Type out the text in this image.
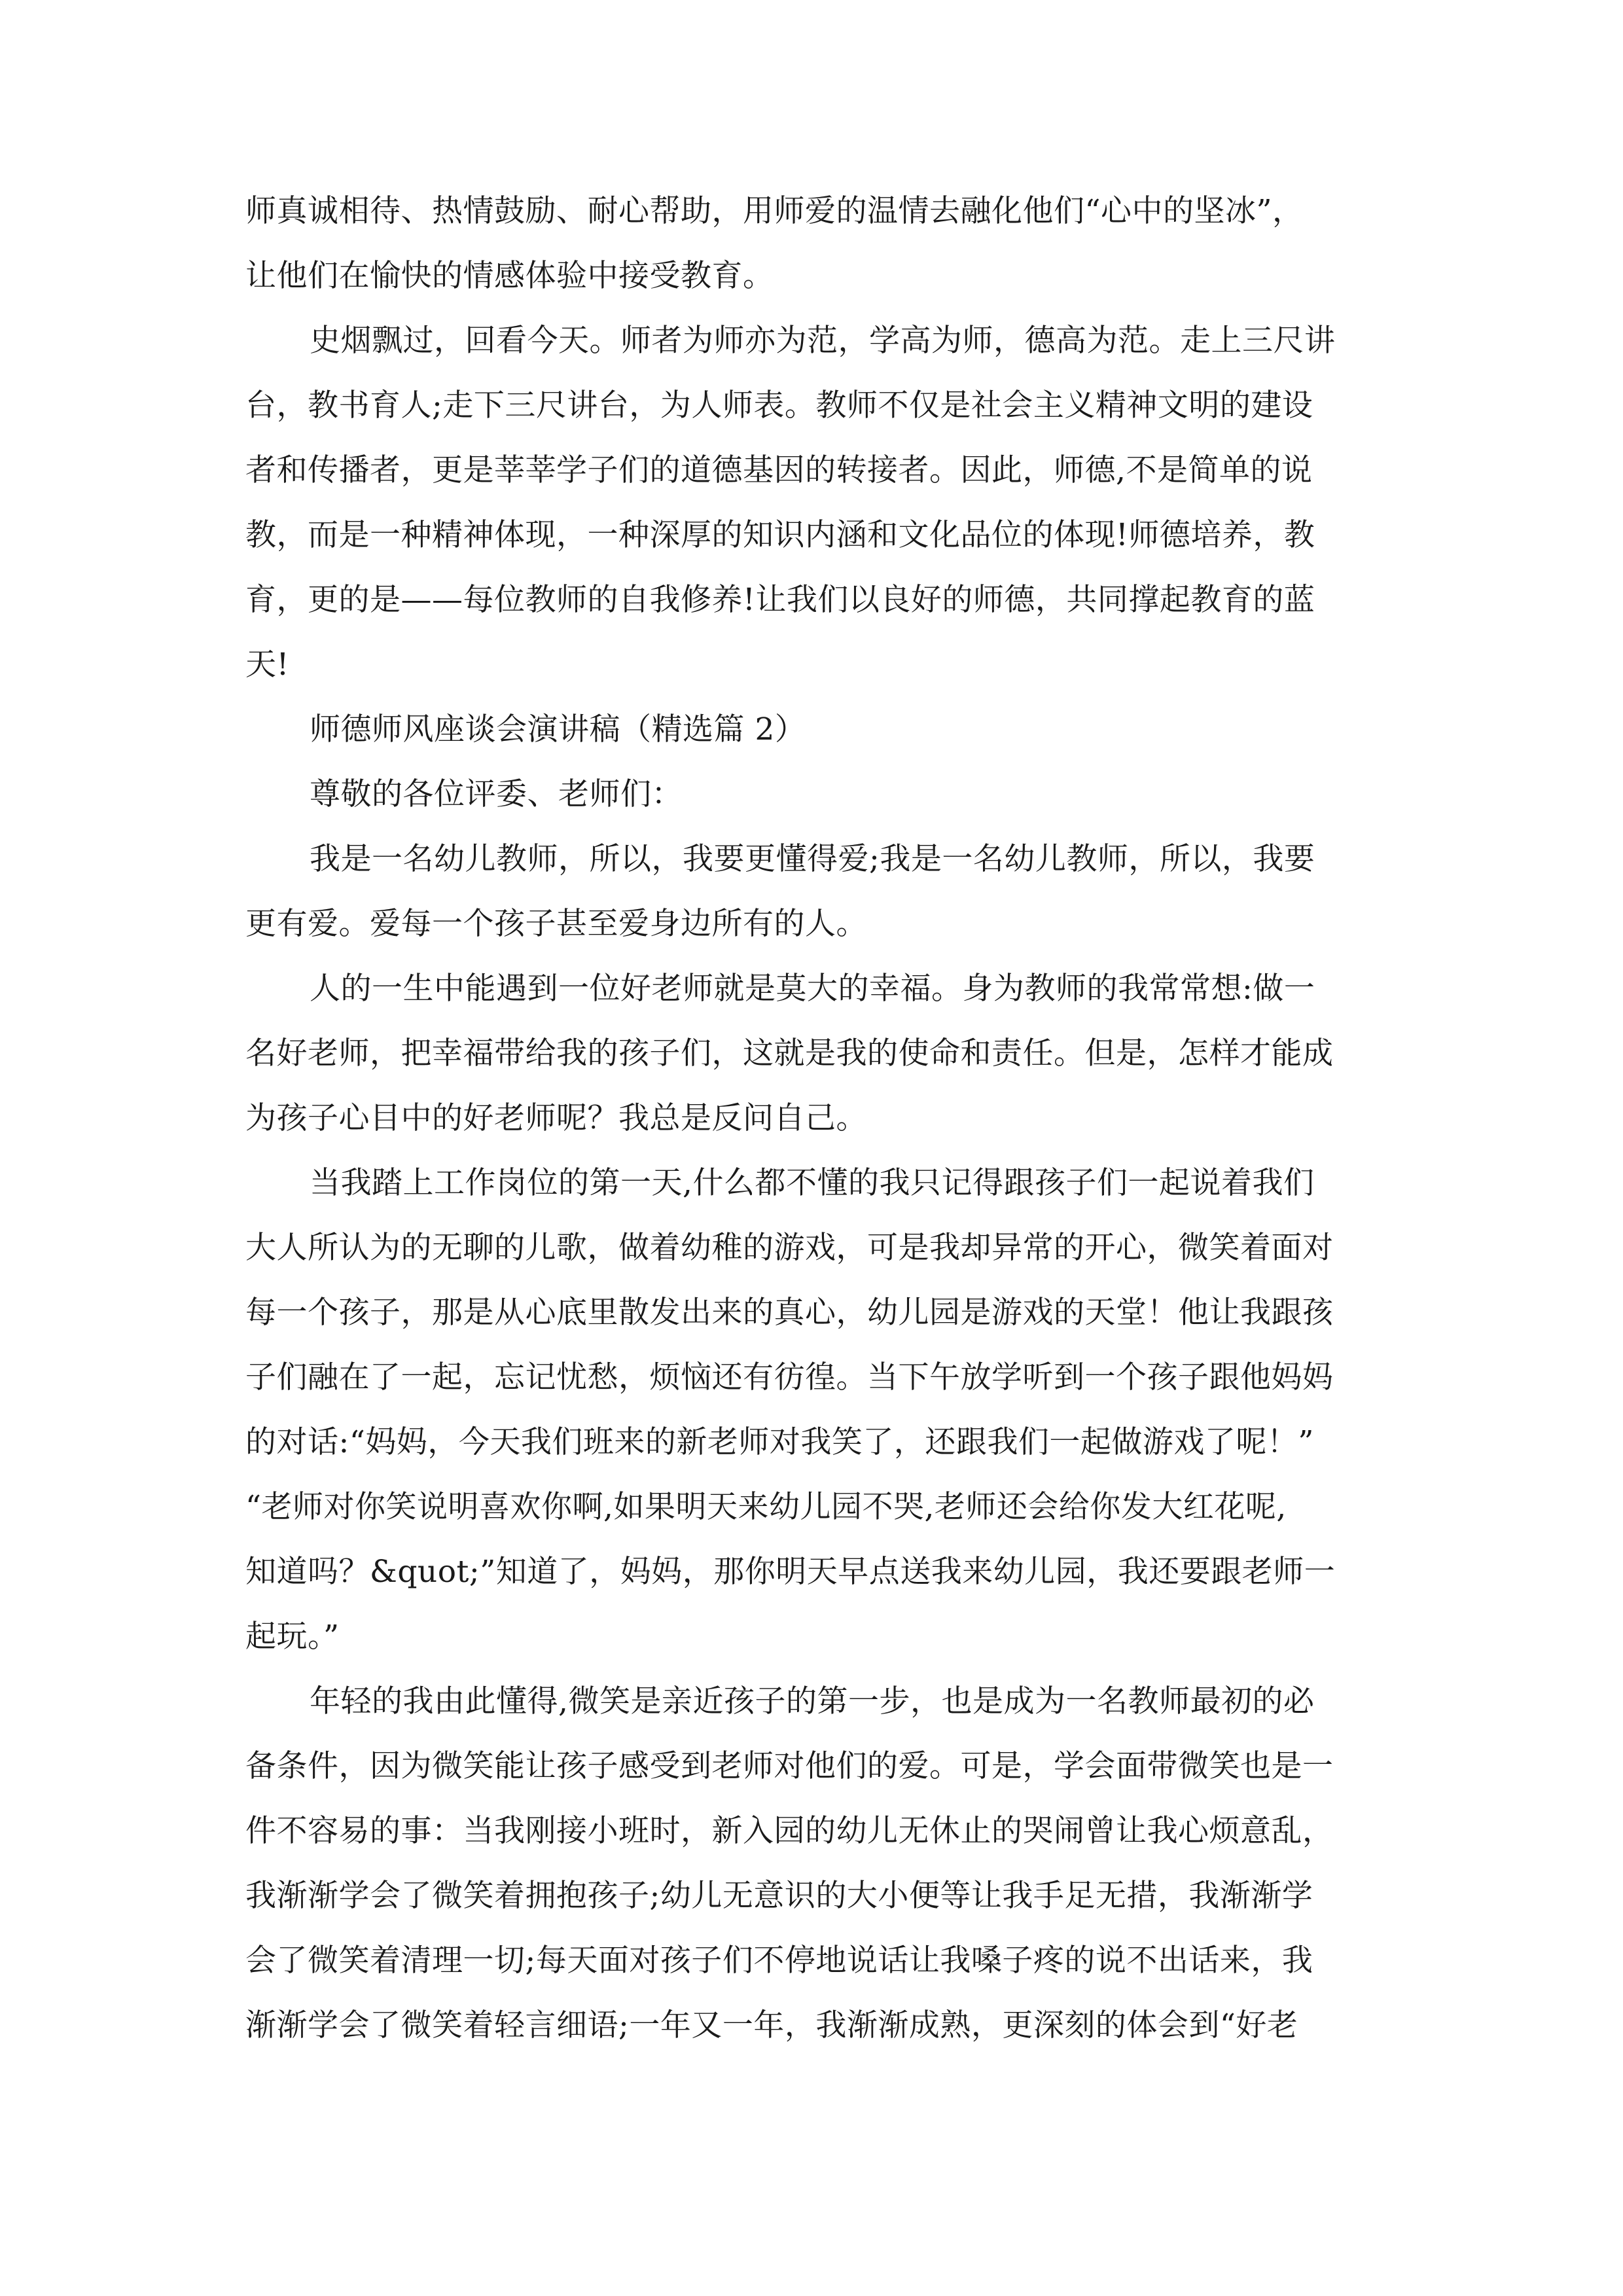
师真诚相待、热情鼓励、耐心帮助，用师爱的温情去融化他们“心中的坚冰”，
让他们在愉快的情感体验中接受教育。
史烟飘过，回看今天。师者为师亦为范，学高为师，德高为范。走上三尺讲
台，教书育人;走下三尺讲台，为人师表。教师不仅是社会主义精神文明的建设
者和传播者，更是莘莘学子们的道德基因的转接者。因此，师德,不是简单的说
教，而是一种精神体现，一种深厚的知识内涵和文化品位的体现!师德培养，教
育，更的是——每位教师的自我修养!让我们以良好的师德，共同撑起教育的蓝
天!
师德师风座谈会演讲稿（精选篇 2）
尊敬的各位评委、老师们：
我是一名幼儿教师，所以，我要更懂得爱;我是一名幼儿教师，所以，我要
更有爱。爱每一个孩子甚至爱身边所有的人。
人的一生中能遇到一位好老师就是莫大的幸福。身为教师的我常常想:做一
名好老师，把幸福带给我的孩子们，这就是我的使命和责任。但是，怎样才能成
为孩子心目中的好老师呢？我总是反问自己。
当我踏上工作岗位的第一天,什么都不懂的我只记得跟孩子们一起说着我们
大人所认为的无聊的儿歌，做着幼稚的游戏，可是我却异常的开心，微笑着面对
每一个孩子，那是从心底里散发出来的真心，幼儿园是游戏的天堂！他让我跟孩
子们融在了一起，忘记忧愁，烦恼还有彷徨。当下午放学听到一个孩子跟他妈妈
的对话:“妈妈，今天我们班来的新老师对我笑了，还跟我们一起做游戏了呢！”
“老师对你笑说明喜欢你啊,如果明天来幼儿园不哭,老师还会给你发大红花呢,
知道吗？&quot;”知道了，妈妈，那你明天早点送我来幼儿园，我还要跟老师一
起玩。”
年轻的我由此懂得,微笑是亲近孩子的第一步，也是成为一名教师最初的必
备条件，因为微笑能让孩子感受到老师对他们的爱。可是，学会面带微笑也是一
件不容易的事：当我刚接小班时，新入园的幼儿无休止的哭闹曾让我心烦意乱，
我渐渐学会了微笑着拥抱孩子;幼儿无意识的大小便等让我手足无措，我渐渐学
会了微笑着清理一切;每天面对孩子们不停地说话让我嗓子疼的说不出话来，我
渐渐学会了微笑着轻言细语;一年又一年，我渐渐成熟，更深刻的体会到“好老
